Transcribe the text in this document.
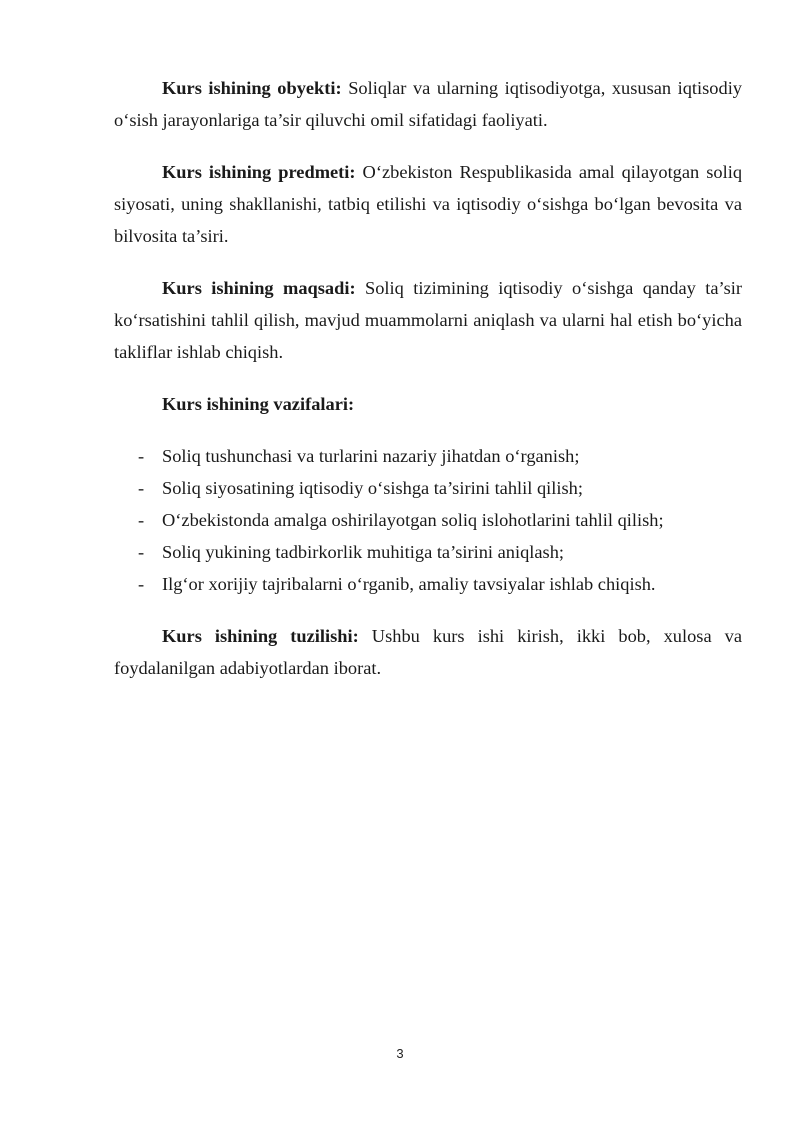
Kurs ishining obyekti: Soliqlar va ularning iqtisodiyotga, xususan iqtisodiy o‘sish jarayonlariga ta’sir qiluvchi omil sifatidagi faoliyati.

Kurs ishining predmeti: O‘zbekiston Respublikasida amal qilayotgan soliq siyosati, uning shakllanishi, tatbiq etilishi va iqtisodiy o‘sishga bo‘lgan bevosita va bilvosita ta’siri.

Kurs ishining maqsadi: Soliq tizimining iqtisodiy o‘sishga qanday ta’sir ko‘rsatishini tahlil qilish, mavjud muammolarni aniqlash va ularni hal etish bo‘yicha takliflar ishlab chiqish.

Kurs ishining vazifalari:

- Soliq tushunchasi va turlarini nazariy jihatdan o‘rganish;
- Soliq siyosatining iqtisodiy o‘sishga ta’sirini tahlil qilish;
- O‘zbekistonda amalga oshirilayotgan soliq islohotlarini tahlil qilish;
- Soliq yukining tadbirkorlik muhitiga ta’sirini aniqlash;
- Ilg‘or xorijiy tajribalarni o‘rganib, amaliy tavsiyalar ishlab chiqish.

Kurs ishining tuzilishi: Ushbu kurs ishi kirish, ikki bob, xulosa va foydalanilgan adabiyotlardan iborat.

3
